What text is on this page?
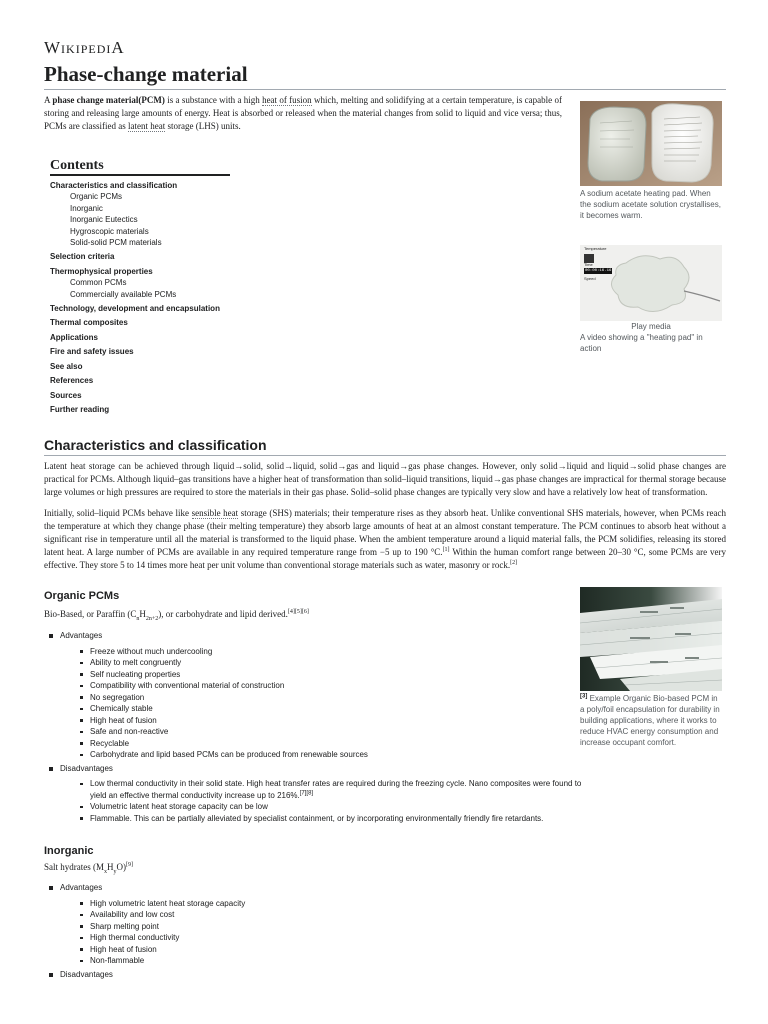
WIKIPEDIA
Phase-change material

A phase change material(PCM) is a substance with a high heat of fusion which, melting and solidifying at a certain temperature, is capable of storing and releasing large amounts of energy. Heat is absorbed or released when the material changes from solid to liquid and vice versa; thus, PCMs are classified as latent heat storage (LHS) units.

Contents
Characteristics and classification
Organic PCMs
Inorganic
Inorganic Eutectics
Hygroscopic materials
Solid-solid PCM materials
Selection criteria
Thermophysical properties
Common PCMs
Commercially available PCMs
Technology, development and encapsulation
Thermal composites
Applications
Fire and safety issues
See also
References
Sources
Further reading
Characteristics and classification

Latent heat storage can be achieved through liquid→solid, solid→liquid, solid→gas and liquid→gas phase changes. However, only solid→liquid and liquid→solid phase changes are practical for PCMs. Although liquid–gas transitions have a higher heat of transformation than solid–liquid transitions, liquid→gas phase changes are impractical for thermal storage because large volumes or high pressures are required to store the materials in their gas phase. Solid–solid phase changes are typically very slow and have a relatively low heat of transformation.

Initially, solid–liquid PCMs behave like sensible heat storage (SHS) materials; their temperature rises as they absorb heat. Unlike conventional SHS materials, however, when PCMs reach the temperature at which they change phase (their melting temperature) they absorb large amounts of heat at an almost constant temperature. The PCM continues to absorb heat without a significant rise in temperature until all the material is transformed to the liquid phase. When the ambient temperature around a liquid material falls, the PCM solidifies, releasing its stored latent heat. A large number of PCMs are available in any required temperature range from −5 up to 190 °C.[1] Within the human comfort range between 20–30 °C, some PCMs are very effective. They store 5 to 14 times more heat per unit volume than conventional storage materials such as water, masonry or rock.[2]

Organic PCMs

Bio-Based, or Paraffin $(C_nH_{2n+2})$, or carbohydrate and lipid derived.[4][5][6]

Advantages
Freeze without much undercooling
Ability to melt congruently
Self nucleating properties
Compatibility with conventional material of construction
No segregation
Chemically stable
High heat of fusion
Safe and non-reactive
Recyclable
Carbohydrate and lipid based PCMs can be produced from renewable sources
Disadvantages
Low thermal conductivity in their solid state. High heat transfer rates are required during the freezing cycle. Nano composites were found to yield an effective thermal conductivity increase up to 216%.[7][8]
Volumetric latent heat storage capacity can be low
Flammable. This can be partially alleviated by specialist containment, or by incorporating environmentally friendly fire retardants.
Inorganic

Salt hydrates $(M_xH_yO)[9]$

Advantages
High volumetric latent heat storage capacity
Availability and low cost
Sharp melting point
High thermal conductivity
High heat of fusion
Non-flammable
Disadvantages
A sodium acetate heating pad. When the sodium acetate solution crystallises, it becomes warm.
Temperature
Time
00:00:16.16
Speed
Play media
A video showing a "heating pad" in action
[3] Example Organic Bio-based PCM in a poly/foil encapsulation for durability in building applications, where it works to reduce HVAC energy consumption and increase occupant comfort.
